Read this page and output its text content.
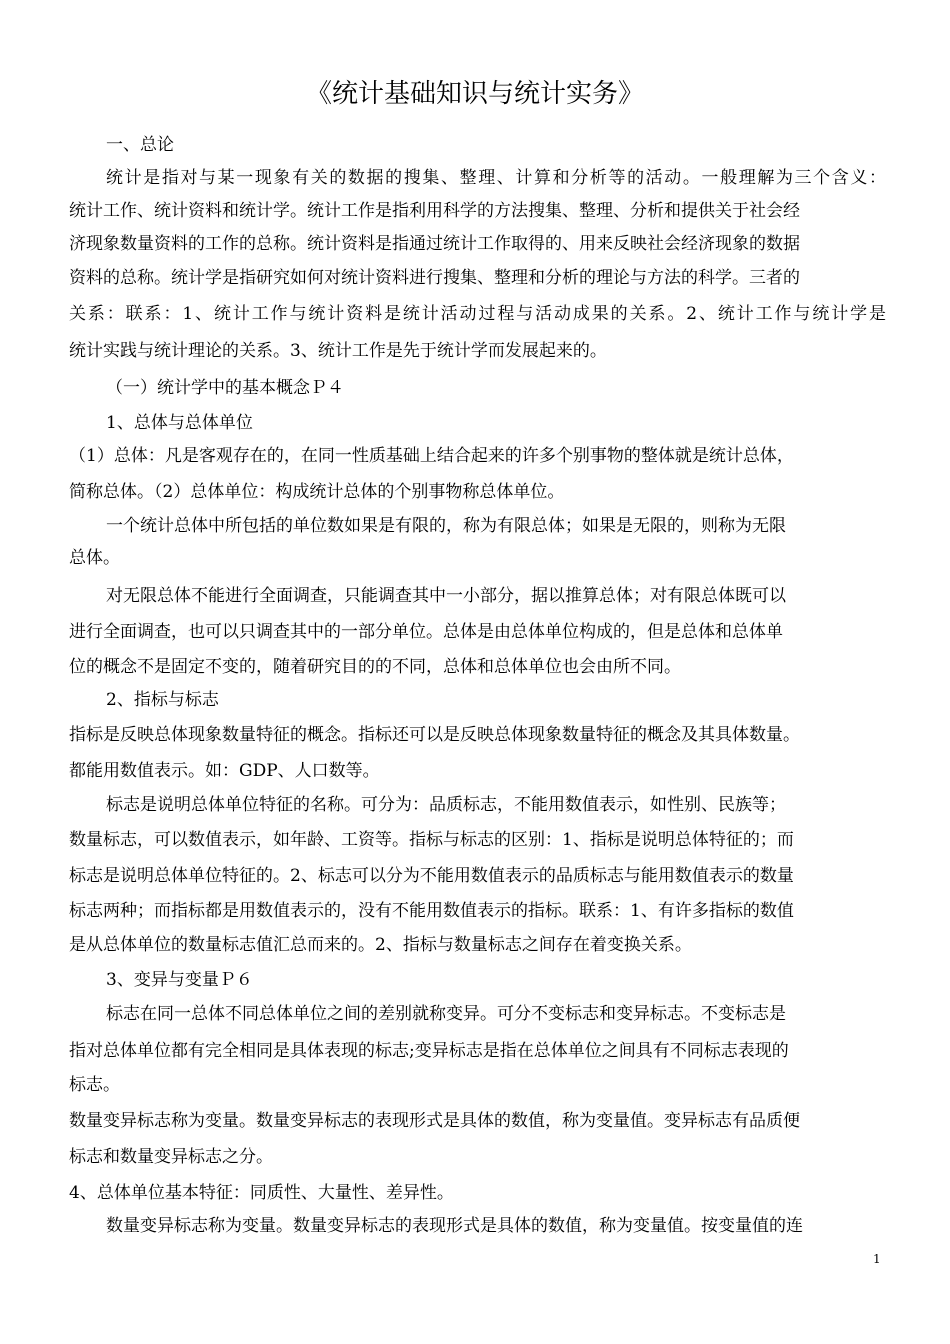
《统计基础知识与统计实务》
一、总论
统计是指对与某一现象有关的数据的搜集、整理、计算和分析等的活动。一般理解为三个含义：
统计工作、统计资料和统计学。统计工作是指利用科学的方法搜集、整理、分析和提供关于社会经
济现象数量资料的工作的总称。统计资料是指通过统计工作取得的、用来反映社会经济现象的数据
资料的总称。统计学是指研究如何对统计资料进行搜集、整理和分析的理论与方法的科学。三者的
关系：联系：1、统计工作与统计资料是统计活动过程与活动成果的关系。2、统计工作与统计学是
统计实践与统计理论的关系。3、统计工作是先于统计学而发展起来的。
（一）统计学中的基本概念Ｐ４
1、总体与总体单位
（1）总体：凡是客观存在的，在同一性质基础上结合起来的许多个别事物的整体就是统计总体，
简称总体。（2）总体单位：构成统计总体的个别事物称总体单位。
一个统计总体中所包括的单位数如果是有限的，称为有限总体；如果是无限的，则称为无限
总体。
对无限总体不能进行全面调查，只能调查其中一小部分，据以推算总体；对有限总体既可以
进行全面调查，也可以只调查其中的一部分单位。总体是由总体单位构成的，但是总体和总体单
位的概念不是固定不变的，随着研究目的的不同，总体和总体单位也会由所不同。
2、指标与标志
指标是反映总体现象数量特征的概念。指标还可以是反映总体现象数量特征的概念及其具体数量。
都能用数值表示。如：GDP、人口数等。
标志是说明总体单位特征的名称。可分为：品质标志，不能用数值表示，如性别、民族等；
数量标志，可以数值表示，如年龄、工资等。指标与标志的区别：1、指标是说明总体特征的；而
标志是说明总体单位特征的。2、标志可以分为不能用数值表示的品质标志与能用数值表示的数量
标志两种；而指标都是用数值表示的，没有不能用数值表示的指标。联系：1、有许多指标的数值
是从总体单位的数量标志值汇总而来的。2、指标与数量标志之间存在着变换关系。
3、变异与变量Ｐ６
标志在同一总体不同总体单位之间的差别就称变异。可分不变标志和变异标志。不变标志是
指对总体单位都有完全相同是具体表现的标志;变异标志是指在总体单位之间具有不同标志表现的
标志。
数量变异标志称为变量。数量变异标志的表现形式是具体的数值，称为变量值。变异标志有品质便
标志和数量变异标志之分。
4、总体单位基本特征：同质性、大量性、差异性。
数量变异标志称为变量。数量变异标志的表现形式是具体的数值，称为变量值。按变量值的连
1
